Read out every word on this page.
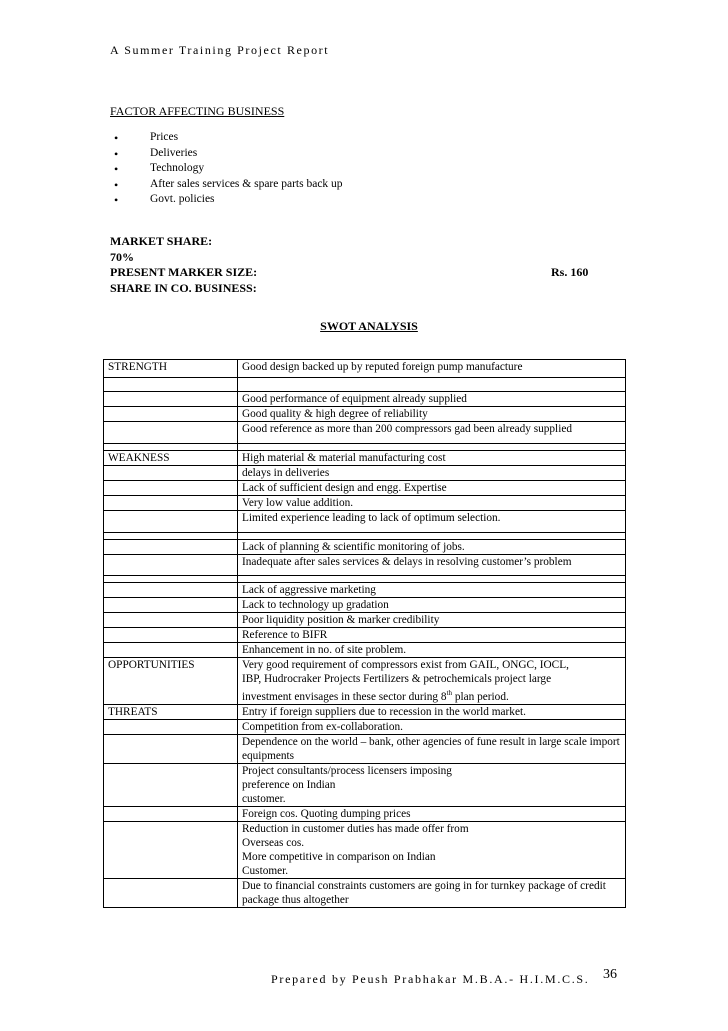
A Summer Training Project Report
FACTOR AFFECTING BUSINESS
•	Prices
•	Deliveries
•	Technology
•	After sales services & spare parts back up
•	Govt. policies
MARKET SHARE:
70%
PRESENT MARKER SIZE:	Rs. 160
SHARE IN CO. BUSINESS:
SWOT ANALYSIS
STRENGTH	Good design backed up by reputed foreign pump manufacture

	Good performance of equipment already supplied
	Good quality & high degree of reliability
	Good reference as more than 200 compressors gad been already supplied

WEAKNESS	High material & material manufacturing cost
	delays in deliveries
	Lack of sufficient design and engg. Expertise
	Very low value addition.
	Limited experience leading to lack of optimum selection.

	Lack of planning & scientific monitoring of jobs.
	Inadequate after sales services & delays in resolving customer’s problem

	Lack of aggressive marketing
	Lack to technology up gradation
	Poor liquidity position & marker credibility
	Reference to BIFR
	Enhancement in no. of site problem.
OPPORTUNITIES	Very good requirement of compressors exist from GAIL, ONGC, IOCL,
IBP, Hudrocraker Projects Fertilizers & petrochemicals project large
investment envisages in these sector during 8th plan period.

THREATS	Entry if foreign suppliers due to recession in the world market.
	Competition from ex-collaboration.
	Dependence on the world – bank, other agencies of fune result in large scale import equipments
	Project consultants/process licensers imposing
preference on Indian
customer.
	Foreign cos. Quoting dumping prices
	Reduction in customer duties has made offer from
Overseas cos.
More competitive in comparison on Indian
Customer.
	Due to financial constraints customers are going in for turnkey package of credit package thus altogether
Prepared by Peush Prabhakar M.B.A.- H.I.M.C.S. 36
